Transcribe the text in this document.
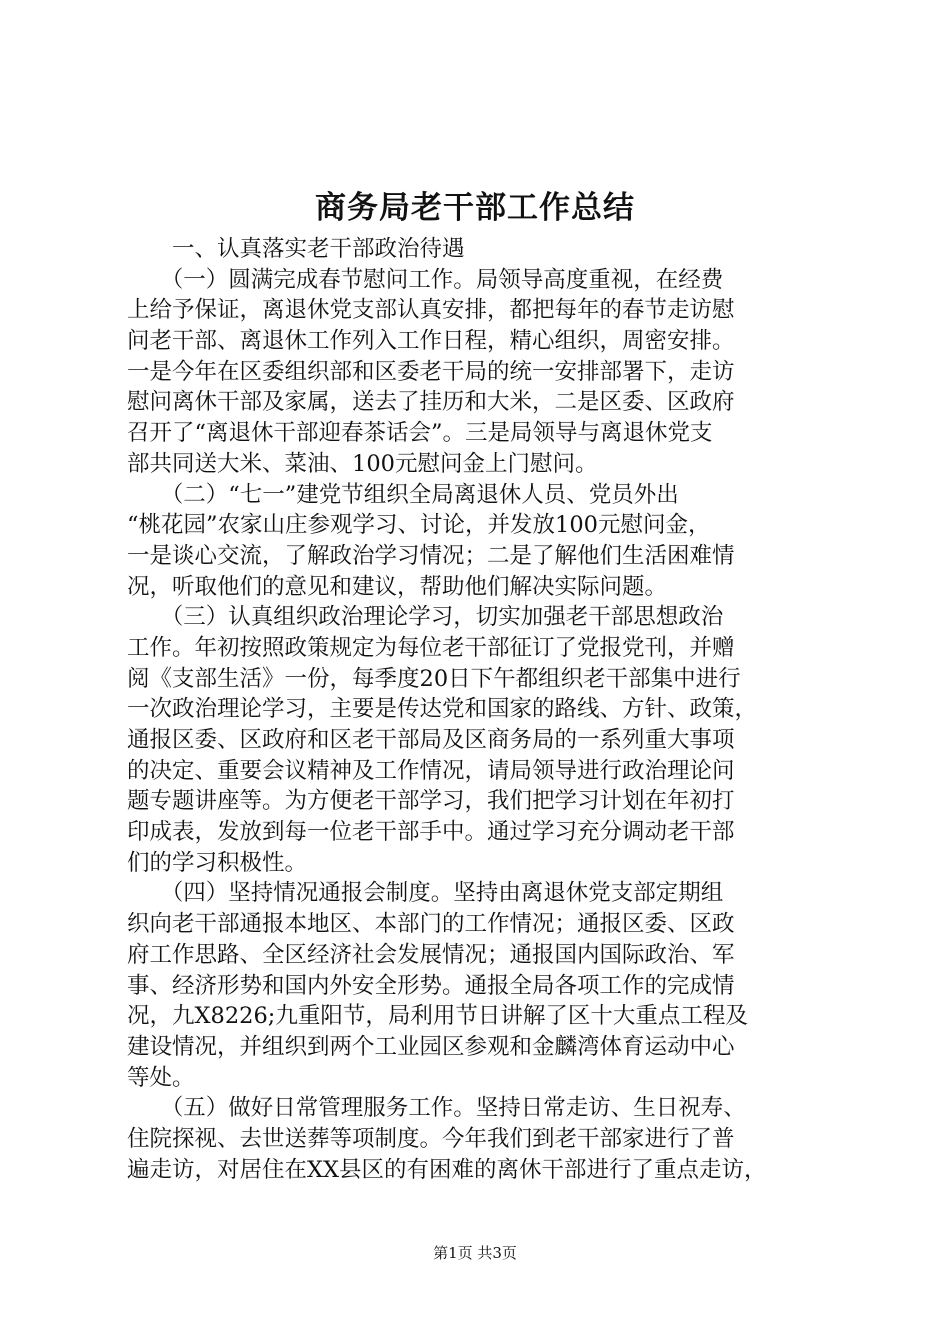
商务局老干部工作总结
　　一、认真落实老干部政治待遇
　　（一）圆满完成春节慰问工作。局领导高度重视，在经费
上给予保证，离退休党支部认真安排，都把每年的春节走访慰
问老干部、离退休工作列入工作日程，精心组织，周密安排。
一是今年在区委组织部和区委老干局的统一安排部署下，走访
慰问离休干部及家属，送去了挂历和大米，二是区委、区政府
召开了“离退休干部迎春茶话会”。三是局领导与离退休党支
部共同送大米、菜油、100元慰问金上门慰问。
　　（二）“七一”建党节组织全局离退休人员、党员外出
“桃花园”农家山庄参观学习、讨论，并发放100元慰问金，
一是谈心交流，了解政治学习情况；二是了解他们生活困难情
况，听取他们的意见和建议，帮助他们解决实际问题。
　　（三）认真组织政治理论学习，切实加强老干部思想政治
工作。年初按照政策规定为每位老干部征订了党报党刊，并赠
阅《支部生活》一份，每季度20日下午都组织老干部集中进行
一次政治理论学习，主要是传达党和国家的路线、方针、政策，
通报区委、区政府和区老干部局及区商务局的一系列重大事项
的决定、重要会议精神及工作情况，请局领导进行政治理论问
题专题讲座等。为方便老干部学习，我们把学习计划在年初打
印成表，发放到每一位老干部手中。通过学习充分调动老干部
们的学习积极性。
　　（四）坚持情况通报会制度。坚持由离退休党支部定期组
织向老干部通报本地区、本部门的工作情况；通报区委、区政
府工作思路、全区经济社会发展情况；通报国内国际政治、军
事、经济形势和国内外安全形势。通报全局各项工作的完成情
况，九X8226;九重阳节，局利用节日讲解了区十大重点工程及
建设情况，并组织到两个工业园区参观和金麟湾体育运动中心
等处。
　　（五）做好日常管理服务工作。坚持日常走访、生日祝寿、
住院探视、去世送葬等项制度。今年我们到老干部家进行了普
遍走访，对居住在XX县区的有困难的离休干部进行了重点走访，
第1页 共3页
